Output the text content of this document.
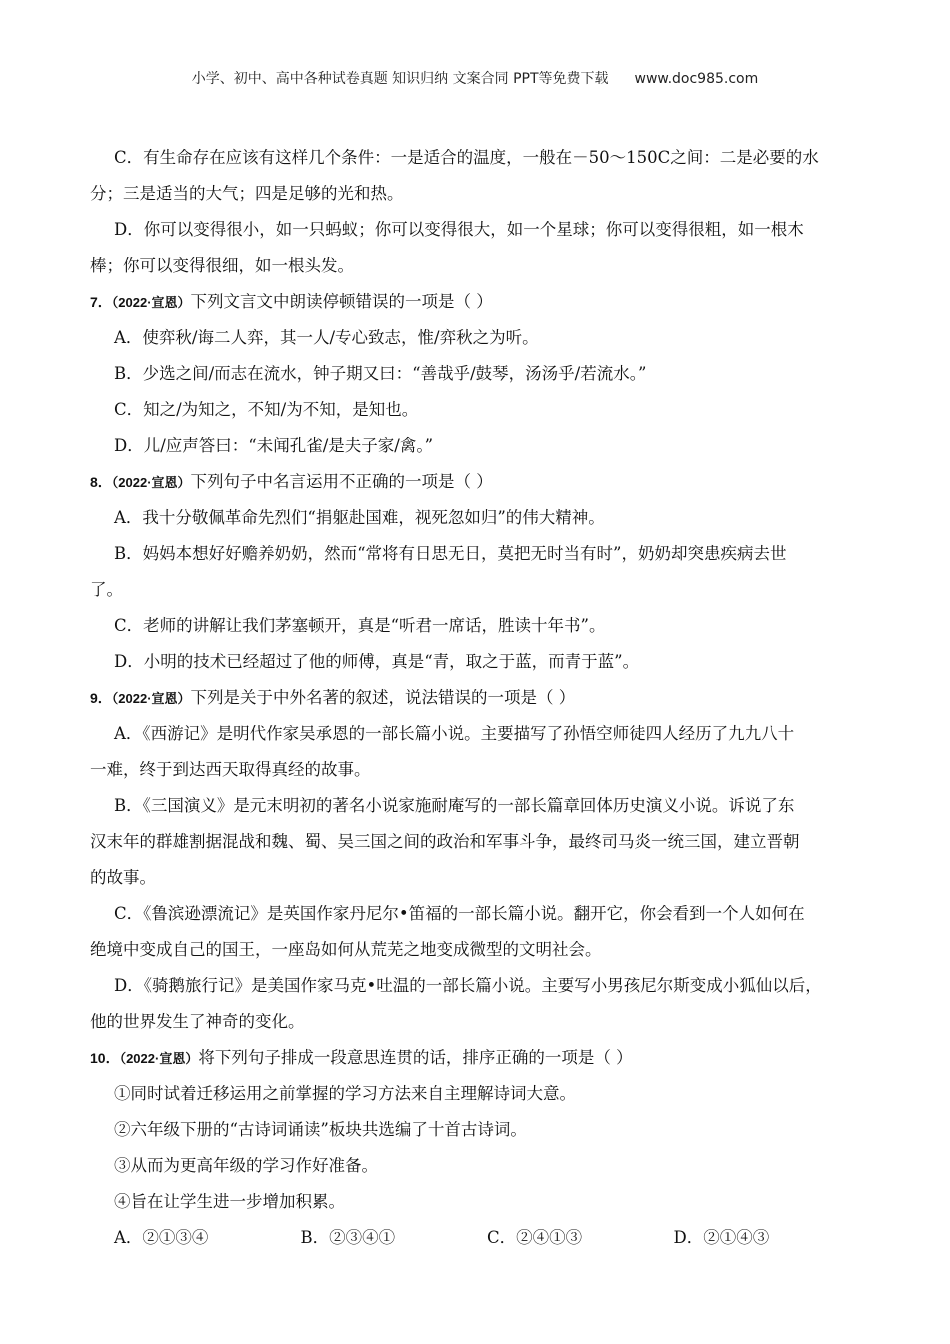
小学、初中、高中各种试卷真题 知识归纳 文案合同 PPT等免费下载 www.doc985.com

C．有生命存在应该有这样几个条件：一是适合的温度，一般在－50～150C之间：二是必要的水

分；三是适当的大气；四是足够的光和热。

D．你可以变得很小，如一只蚂蚁；你可以变得很大，如一个星球；你可以变得很粗，如一根木

棒；你可以变得很细，如一根头发。

7．（2022·宣恩）下列文言文中朗读停顿错误的一项是（ ）

A．使弈秋/诲二人弈，其一人/专心致志，惟/弈秋之为听。

B．少选之间/而志在流水，钟子期又曰：“善哉乎/鼓琴，汤汤乎/若流水。”

C．知之/为知之，不知/为不知，是知也。

D．儿/应声答曰：“未闻孔雀/是夫子家/禽。”

8．（2022·宣恩）下列句子中名言运用不正确的一项是（ ）

A．我十分敬佩革命先烈们“捐躯赴国难，视死忽如归”的伟大精神。

B．妈妈本想好好赡养奶奶，然而“常将有日思无日，莫把无时当有时”，奶奶却突患疾病去世

了。

C．老师的讲解让我们茅塞顿开，真是“听君一席话，胜读十年书”。

D．小明的技术已经超过了他的师傅，真是“青，取之于蓝，而青于蓝”。

9．（2022·宣恩）下列是关于中外名著的叙述，说法错误的一项是（ ）

A．《西游记》是明代作家吴承恩的一部长篇小说。主要描写了孙悟空师徒四人经历了九九八十

一难，终于到达西天取得真经的故事。

B．《三国演义》是元末明初的著名小说家施耐庵写的一部长篇章回体历史演义小说。诉说了东

汉末年的群雄割据混战和魏、蜀、吴三国之间的政治和军事斗争，最终司马炎一统三国，建立晋朝

的故事。

C．《鲁滨逊漂流记》是英国作家丹尼尔•笛福的一部长篇小说。翻开它，你会看到一个人如何在

绝境中变成自己的国王，一座岛如何从荒芜之地变成微型的文明社会。

D．《骑鹅旅行记》是美国作家马克•吐温的一部长篇小说。主要写小男孩尼尔斯变成小狐仙以后，

他的世界发生了神奇的变化。

10．（2022·宣恩）将下列句子排成一段意思连贯的话，排序正确的一项是（ ）

①同时试着迁移运用之前掌握的学习方法来自主理解诗词大意。

②六年级下册的“古诗词诵读”板块共选编了十首古诗词。

③从而为更高年级的学习作好准备。

④旨在让学生进一步增加积累。

A．②①③④	B．②③④①	C．②④①③	D．②①④③
